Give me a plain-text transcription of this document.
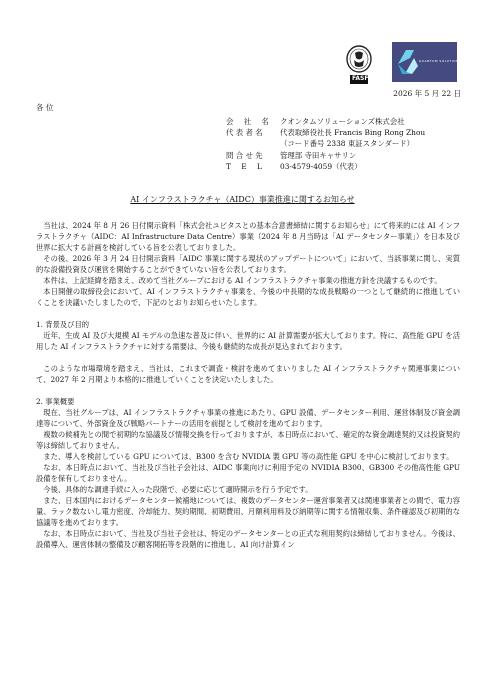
FASF
QUANTUM SOLUTIONS
2026 年 5 月 22 日
各 位
会 社 名 クオンタムソリューションズ株式会社
代 表 者 名	代表取締役社長 Francis Bing Rong Zhou
（コード番号 2338 東証スタンダード）
問 合 せ 先	管理部 寺田キャサリン
T E L	03-4579-4059（代表）
AI インフラストラクチャ（AIDC）事業推進に関するお知らせ

当社は、2024 年 8 月 26 日付開示資料「株式会社ユビタスとの基本合意書締結に関するお知らせ」にて将来的には AI インフラストラクチャ（AIDC：AI Infrastructure Data Centre）事業（2024 年 8 月当時は「AI データセンター事業」）を日本及び世界に拡大する計画を検討している旨を公表しておりました。

その後、2026 年 3 月 24 日付開示資料「AIDC 事業に関する現状のアップデートについて」において、当該事業に関し、実質的な設備投資及び運営を開始することができていない旨を公表しております。

本件は、上記経緯を踏まえ、改めて当社グループにおける AI インフラストラクチャ事業の推進方針を決議するものです。

本日開催の取締役会において、AI インフラストラクチャ事業を、今後の中長期的な成長戦略の一つとして継続的に推進していくことを決議いたしましたので、下記のとおりお知らせいたします。

1. 背景及び目的

近年、生成 AI 及び大規模 AI モデルの急速な普及に伴い、世界的に AI 計算需要が拡大しております。特に、高性能 GPU を活用した AI インフラストラクチャに対する需要は、今後も継続的な成長が見込まれております。

このような市場環境を踏まえ、当社は、これまで調査・検討を進めてまいりました AI インフラストラクチャ関連事業について、2027 年 2 月期より本格的に推進していくことを決定いたしました。

2. 事業概要

現在、当社グループは、AI インフラストラクチャ事業の推進にあたり、GPU 設備、データセンター利用、運営体制及び資金調達等について、外部資金及び戦略パートナーの活用を前提として検討を進めております。

複数の候補先との間で初期的な協議及び情報交換を行っておりますが、本日時点において、確定的な資金調達契約又は投資契約等は締結しておりません。

また、導入を検討している GPU については、B300 を含む NVIDIA 製 GPU 等の高性能 GPU を中心に検討しております。

なお、本日時点において、当社及び当社子会社は、AIDC 事業向けに利用予定の NVIDIA B300、GB300 その他高性能 GPU 設備を保有しておりません。

今後、具体的な調達手続に入った段階で、必要に応じて適時開示を行う予定です。

また、日本国内におけるデータセンター候補地については、複数のデータセンター運営事業者又は関連事業者との間で、電力容量、ラック数ないし電力密度、冷却能力、契約期間、初期費用、月額利用料及び納期等に関する情報収集、条件確認及び初期的な協議等を進めております。

なお、本日時点において、当社及び当社子会社は、特定のデータセンターとの正式な利用契約は締結しておりません。今後は、設備導入、運営体制の整備及び顧客開拓等を段階的に推進し、AI 向け計算イン
